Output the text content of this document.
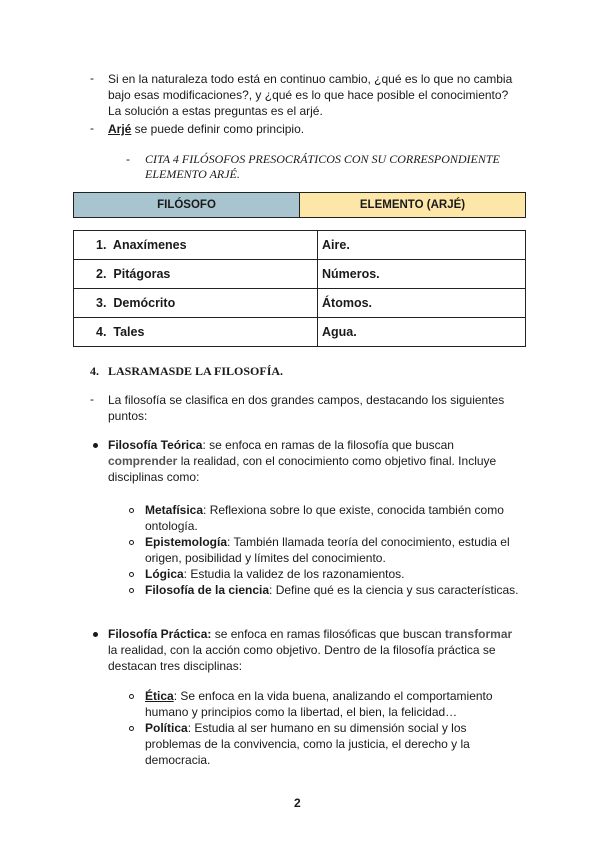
- Si en la naturaleza todo está en continuo cambio, ¿qué es lo que no cambia
bajo esas modificaciones?, y ¿qué es lo que hace posible el conocimiento?
La solución a estas preguntas es el arjé.
- Arjé se puede definir como principio.
- CITA 4 FILÓSOFOS PRESOCRÁTICOS CON SU CORRESPONDIENTE
ELEMENTO ARJÉ.
FILÓSOFO	ELEMENTO (ARJÉ)
1. Anaxímenes	Aire.
2. Pitágoras	Números.
3. Demócrito	Átomos.
4. Tales	Agua.
4. LASRAMASDE LA FILOSOFÍA.
- La filosofía se clasifica en dos grandes campos, destacando los siguientes
puntos:
Filosofía Teórica: se enfoca en ramas de la filosofía que buscan
comprender la realidad, con el conocimiento como objetivo final. Incluye
disciplinas como:
Metafísica: Reflexiona sobre lo que existe, conocida también como
ontología.
Epistemología: También llamada teoría del conocimiento, estudia el
origen, posibilidad y límites del conocimiento.
Lógica: Estudia la validez de los razonamientos.
Filosofía de la ciencia: Define qué es la ciencia y sus características.
Filosofía Práctica: se enfoca en ramas filosóficas que buscan transformar
la realidad, con la acción como objetivo. Dentro de la filosofía práctica se
destacan tres disciplinas:
Ética: Se enfoca en la vida buena, analizando el comportamiento
humano y principios como la libertad, el bien, la felicidad…
Política: Estudia al ser humano en su dimensión social y los
problemas de la convivencia, como la justicia, el derecho y la
democracia.
2
